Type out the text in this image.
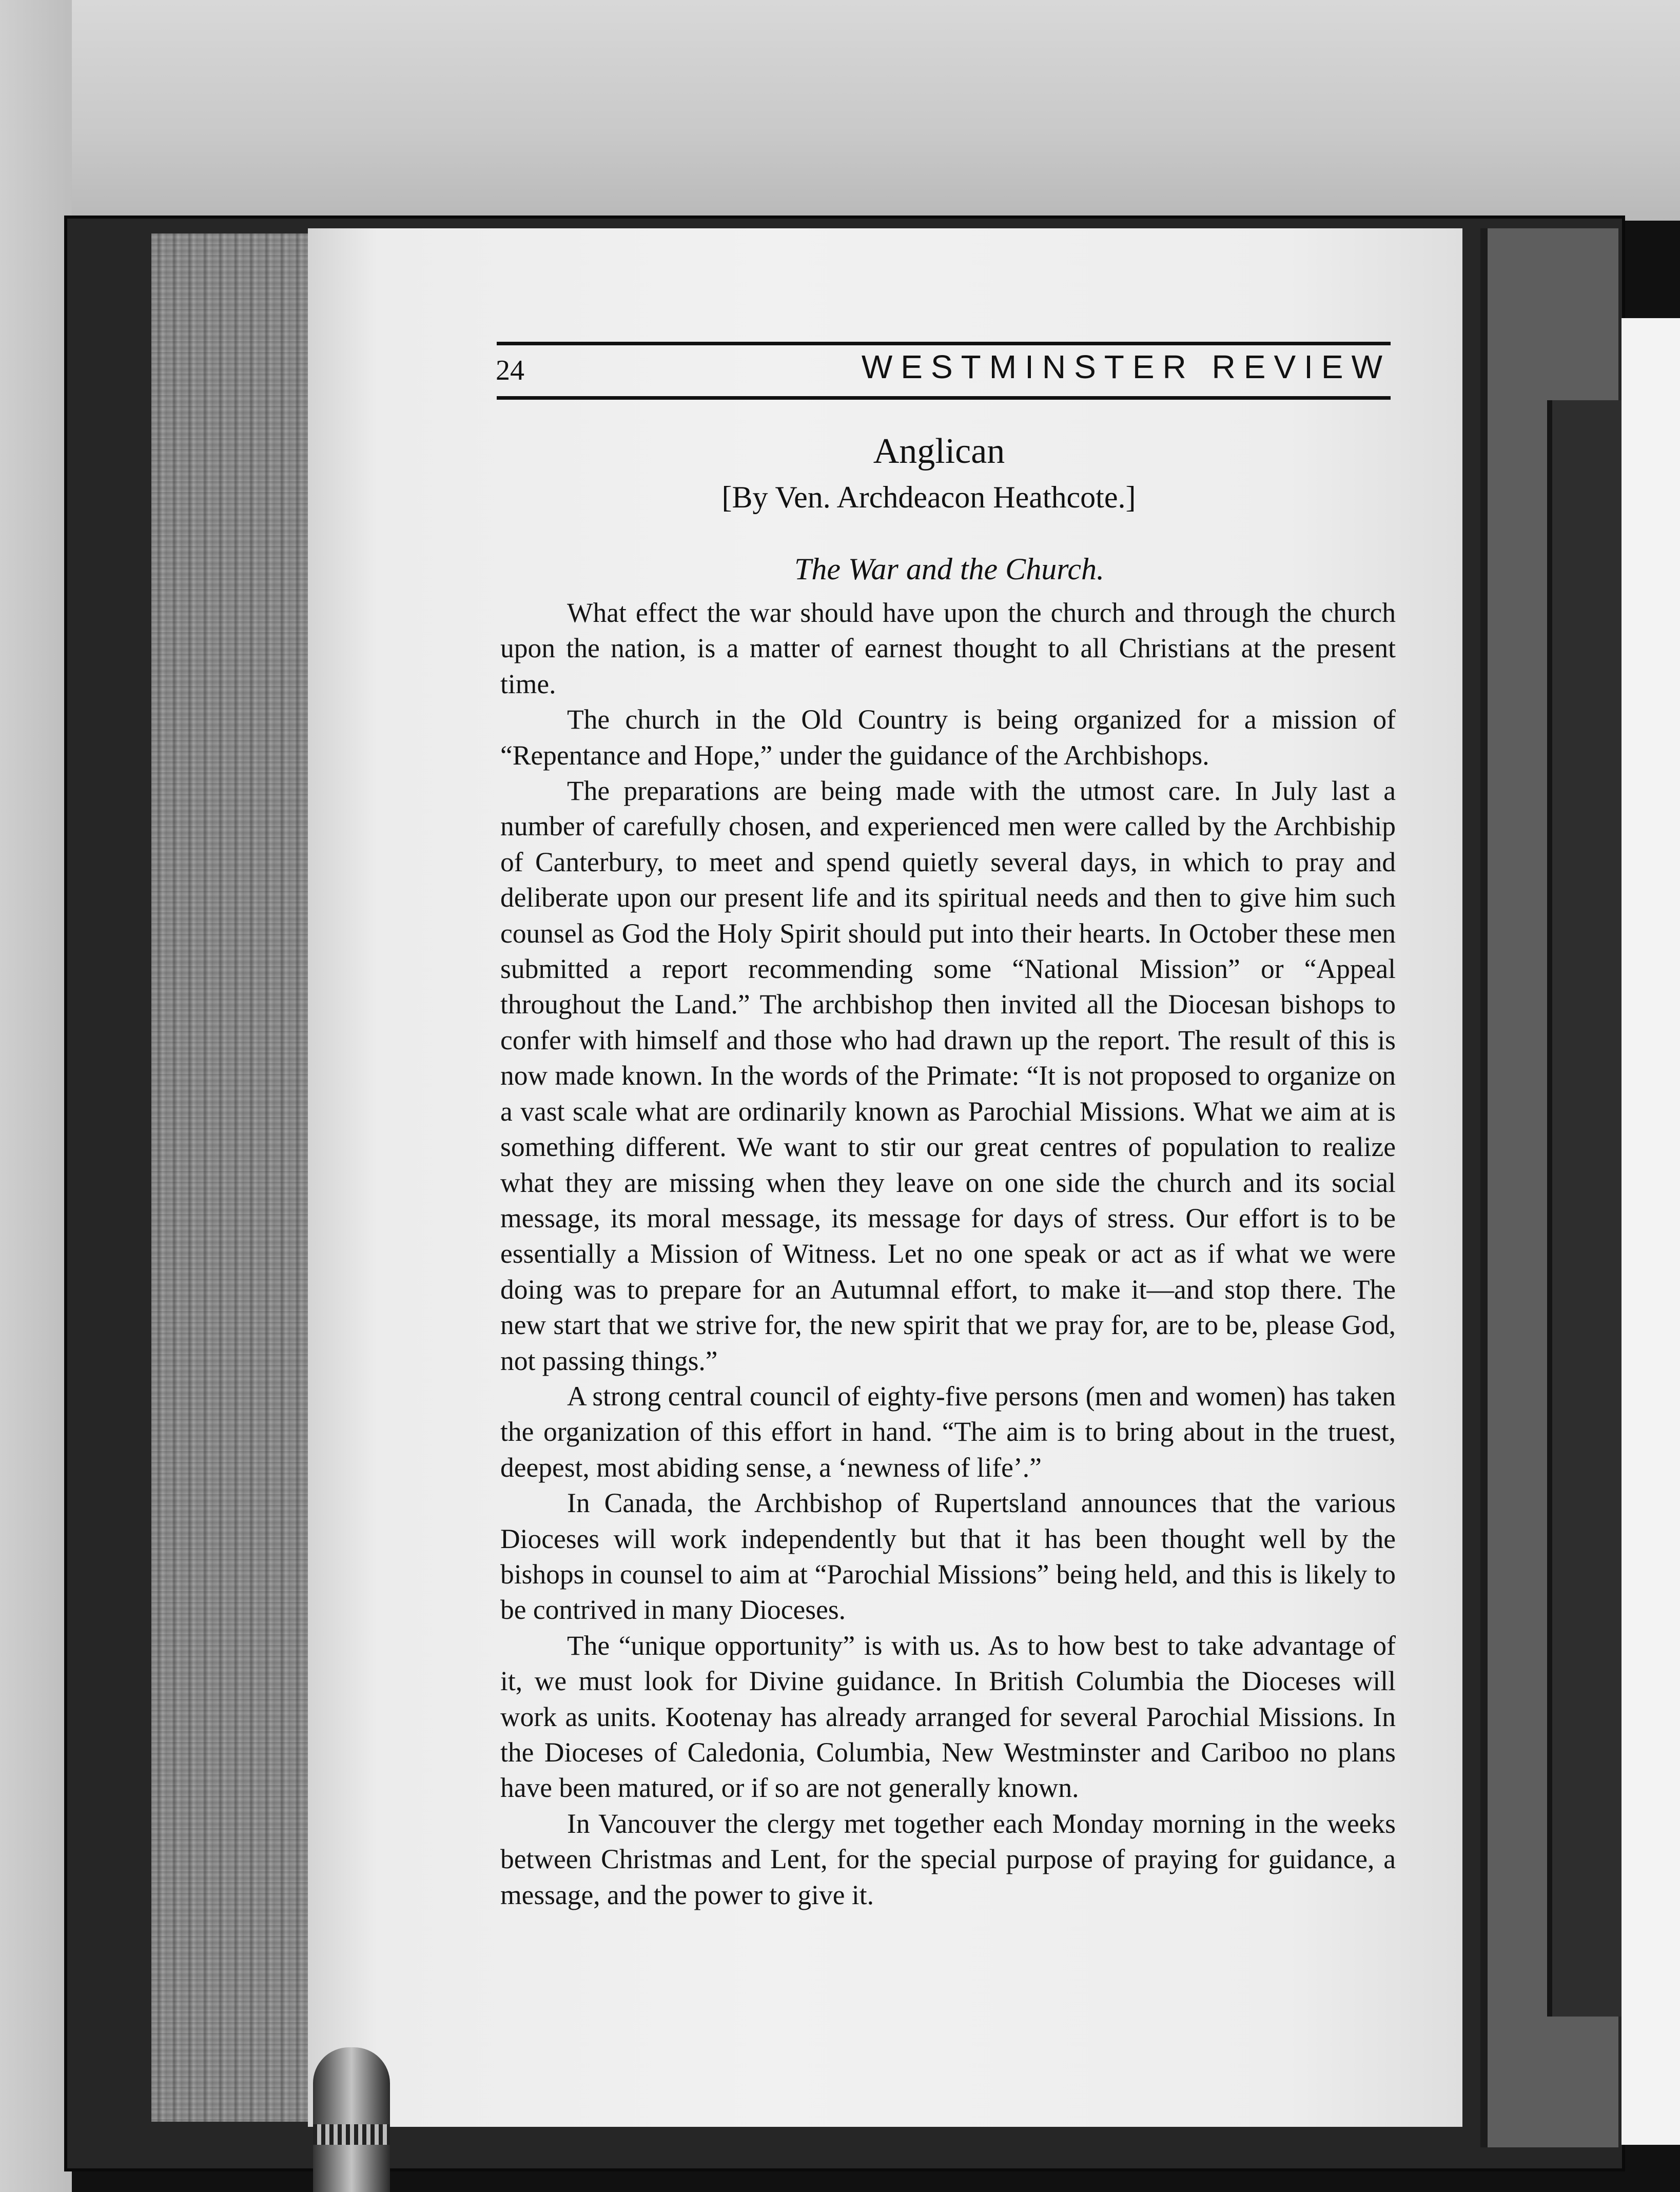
24	WESTMINSTER REVIEW
Anglican
[By Ven. Archdeacon Heathcote.]
The War and the Church.

What effect the war should have upon the church and through the church upon the nation, is a matter of earnest thought to all Christians at the present time.

The church in the Old Country is being organized for a mission of “Repentance and Hope,” under the guidance of the Archbishops.

The preparations are being made with the utmost care. In July last a number of carefully chosen, and experienced men were called by the Archbiship of Canterbury, to meet and spend quietly several days, in which to pray and deliberate upon our present life and its spiritual needs and then to give him such counsel as God the Holy Spirit should put into their hearts. In October these men submitted a report recommending some “National Mission” or “Appeal throughout the Land.” The archbishop then invited all the Diocesan bishops to confer with himself and those who had drawn up the report. The result of this is now made known. In the words of the Primate: “It is not proposed to organize on a vast scale what are ordinarily known as Parochial Missions. What we aim at is something different. We want to stir our great centres of population to realize what they are missing when they leave on one side the church and its social message, its moral message, its message for days of stress. Our effort is to be essentially a Mission of Witness. Let no one speak or act as if what we were doing was to prepare for an Autumnal effort, to make it—and stop there. The new start that we strive for, the new spirit that we pray for, are to be, please God, not passing things.”

A strong central council of eighty-five persons (men and women) has taken the organization of this effort in hand. “The aim is to bring about in the truest, deepest, most abiding sense, a ‘newness of life’.”

In Canada, the Archbishop of Rupertsland announces that the various Dioceses will work independently but that it has been thought well by the bishops in counsel to aim at “Parochial Missions” being held, and this is likely to be contrived in many Dioceses.

The “unique opportunity” is with us. As to how best to take advantage of it, we must look for Divine guidance. In British Columbia the Dioceses will work as units. Kootenay has already arranged for several Parochial Missions. In the Dioceses of Caledonia, Columbia, New Westminster and Cariboo no plans have been matured, or if so are not generally known.

In Vancouver the clergy met together each Monday morning in the weeks between Christmas and Lent, for the special purpose of praying for guidance, a message, and the power to give it.
